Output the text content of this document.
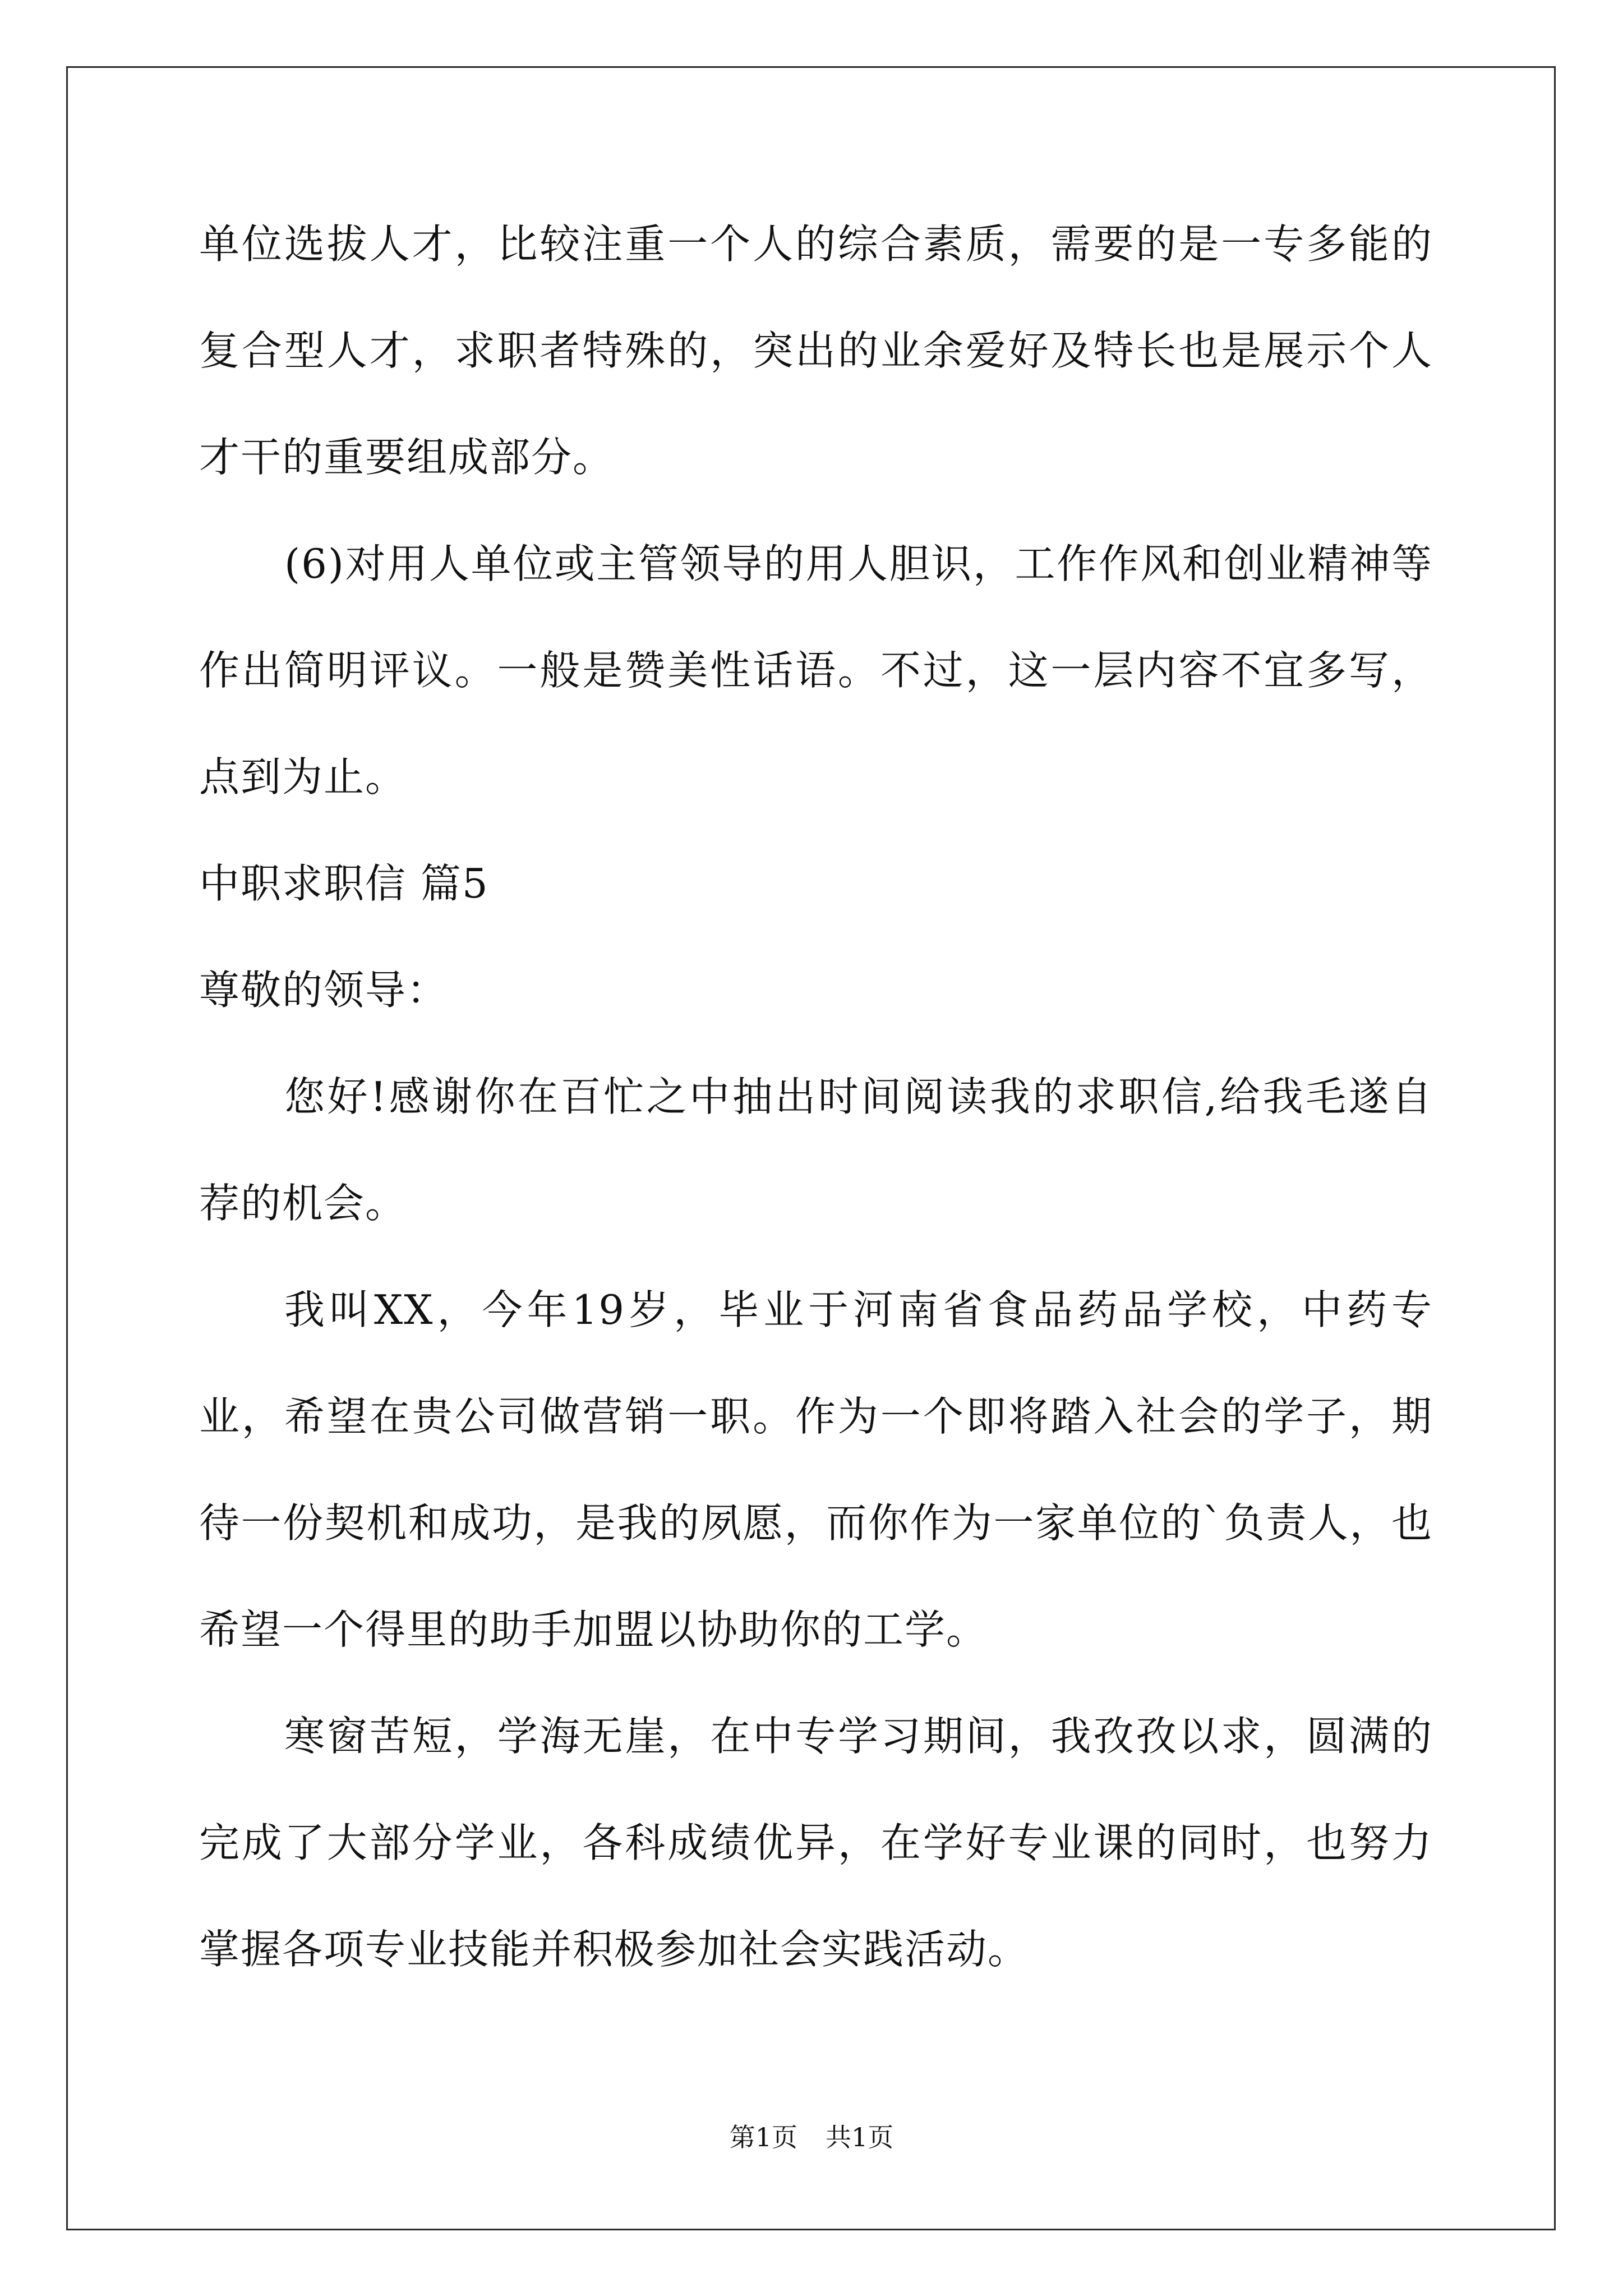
单位选拔人才，比较注重一个人的综合素质，需要的是一专多能的复合型人才，求职者特殊的，突出的业余爱好及特长也是展示个人才干的重要组成部分。

(6)对用人单位或主管领导的用人胆识，工作作风和创业精神等作出简明评议。一般是赞美性话语。不过，这一层内容不宜多写，点到为止。

中职求职信 篇5

尊敬的领导：

您好!感谢你在百忙之中抽出时间阅读我的求职信,给我毛遂自荐的机会。

我叫XX，今年19岁，毕业于河南省食品药品学校，中药专业，希望在贵公司做营销一职。作为一个即将踏入社会的学子，期待一份契机和成功，是我的夙愿，而你作为一家单位的`负责人，也希望一个得里的助手加盟以协助你的工学。

寒窗苦短，学海无崖，在中专学习期间，我孜孜以求，圆满的完成了大部分学业，各科成绩优异，在学好专业课的同时，也努力掌握各项专业技能并积极参加社会实践活动。

第1页 共1页
